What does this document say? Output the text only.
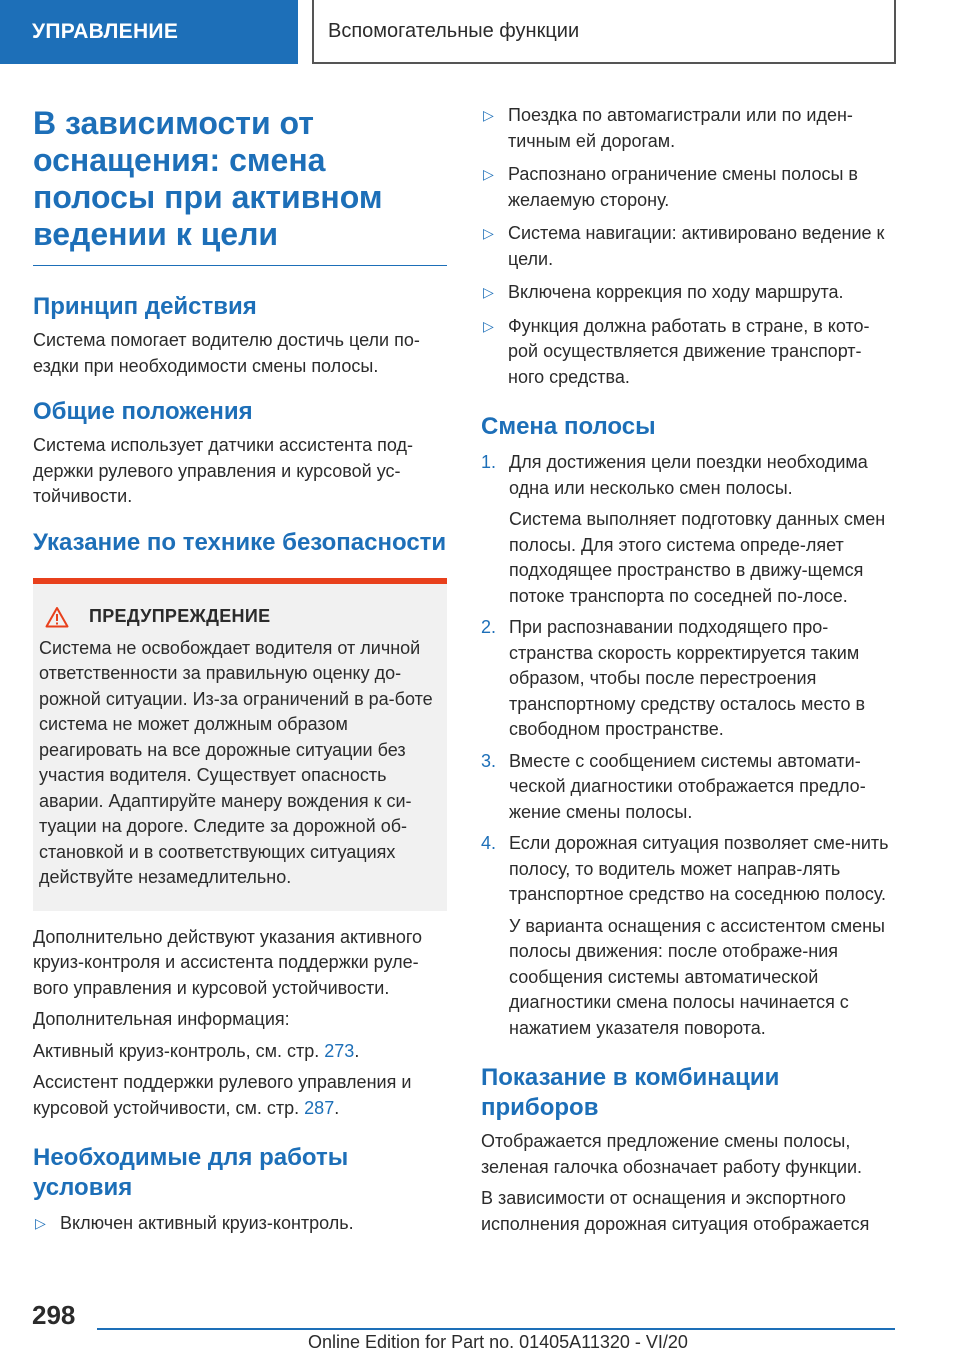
УПРАВЛЕНИЕ	Вспомогательные функции
В зависимости от оснащения: смена полосы при активном ведении к цели
Принцип действия
Система помогает водителю достичь цели по-ездки при необходимости смены полосы.
Общие положения
Система использует датчики ассистента под-держки рулевого управления и курсовой ус-тойчивости.
Указание по технике безопасности
ПРЕДУПРЕЖДЕНИЕ
Система не освобождает водителя от личной ответственности за правильную оценку до-рожной ситуации. Из-за ограничений в ра-боте система не может должным образом реагировать на все дорожные ситуации без участия водителя. Существует опасность аварии. Адаптируйте манеру вождения к си-туации на дороге. Следите за дорожной об-становкой и в соответствующих ситуациях действуйте незамедлительно.
Дополнительно действуют указания активного круиз-контроля и ассистента поддержки руле-вого управления и курсовой устойчивости.
Дополнительная информация:
Активный круиз-контроль, см. стр. 273.
Ассистент поддержки рулевого управления и курсовой устойчивости, см. стр. 287.
Необходимые для работы условия
▷ Включен активный круиз-контроль.
▷ Поездка по автомагистрали или по иден-тичным ей дорогам.
▷ Распознано ограничение смены полосы в желаемую сторону.
▷ Система навигации: активировано ведение к цели.
▷ Включена коррекция по ходу маршрута.
▷ Функция должна работать в стране, в кото-рой осуществляется движение транспорт-ного средства.
Смена полосы
1. Для достижения цели поездки необходима одна или несколько смен полосы.
Система выполняет подготовку данных смен полосы. Для этого система опреде-ляет подходящее пространство в движу-щемся потоке транспорта по соседней по-лосе.
2. При распознавании подходящего про-странства скорость корректируется таким образом, чтобы после перестроения транспортному средству осталось место в свободном пространстве.
3. Вместе с сообщением системы автомати-ческой диагностики отображается предло-жение смены полосы.
4. Если дорожная ситуация позволяет сме-нить полосу, то водитель может направ-лять транспортное средство на соседнюю полосу.
У варианта оснащения с ассистентом смены полосы движения: после отображе-ния сообщения системы автоматической диагностики смена полосы начинается с нажатием указателя поворота.
Показание в комбинации приборов
Отображается предложение смены полосы, зеленая галочка обозначает работу функции.
В зависимости от оснащения и экспортного исполнения дорожная ситуация отображается
298
Online Edition for Part no. 01405A11320 - VI/20
